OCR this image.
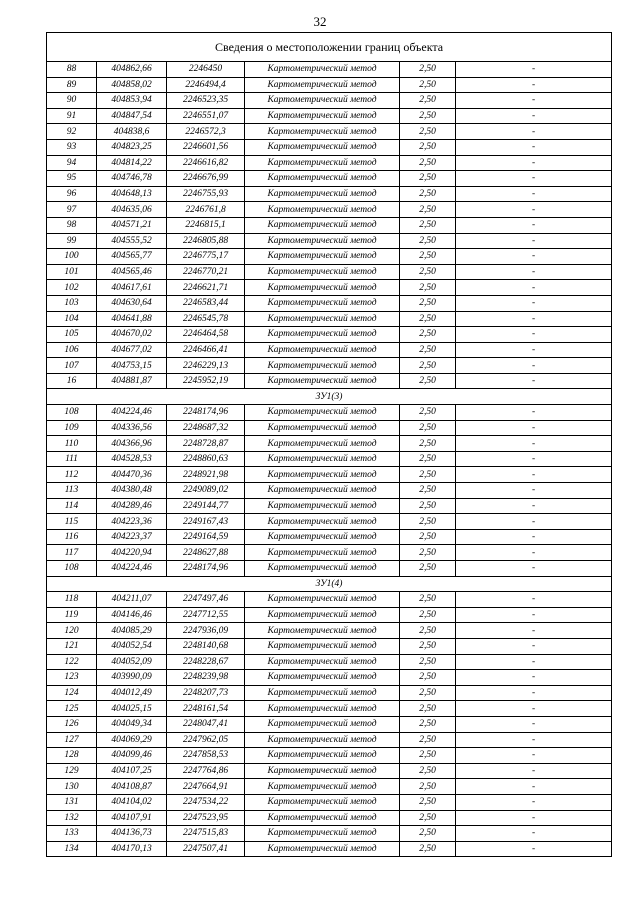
32
Сведения о местоположении границ объекта					
88	404862,66	2246450	Картометрический метод	2,50	-
89	404858,02	2246494,4	Картометрический метод	2,50	-
90	404853,94	2246523,35	Картометрический метод	2,50	-
91	404847,54	2246551,07	Картометрический метод	2,50	-
92	404838,6	2246572,3	Картометрический метод	2,50	-
93	404823,25	2246601,56	Картометрический метод	2,50	-
94	404814,22	2246616,82	Картометрический метод	2,50	-
95	404746,78	2246676,99	Картометрический метод	2,50	-
96	404648,13	2246755,93	Картометрический метод	2,50	-
97	404635,06	2246761,8	Картометрический метод	2,50	-
98	404571,21	2246815,1	Картометрический метод	2,50	-
99	404555,52	2246805,88	Картометрический метод	2,50	-
100	404565,77	2246775,17	Картометрический метод	2,50	-
101	404565,46	2246770,21	Картометрический метод	2,50	-
102	404617,61	2246621,71	Картометрический метод	2,50	-
103	404630,64	2246583,44	Картометрический метод	2,50	-
104	404641,88	2246545,78	Картометрический метод	2,50	-
105	404670,02	2246464,58	Картометрический метод	2,50	-
106	404677,02	2246466,41	Картометрический метод	2,50	-
107	404753,15	2246229,13	Картометрический метод	2,50	-
16	404881,87	2245952,19	Картометрический метод	2,50	-
ЗУ1(3)					
108	404224,46	2248174,96	Картометрический метод	2,50	-
109	404336,56	2248687,32	Картометрический метод	2,50	-
110	404366,96	2248728,87	Картометрический метод	2,50	-
111	404528,53	2248860,63	Картометрический метод	2,50	-
112	404470,36	2248921,98	Картометрический метод	2,50	-
113	404380,48	2249089,02	Картометрический метод	2,50	-
114	404289,46	2249144,77	Картометрический метод	2,50	-
115	404223,36	2249167,43	Картометрический метод	2,50	-
116	404223,37	2249164,59	Картометрический метод	2,50	-
117	404220,94	2248627,88	Картометрический метод	2,50	-
108	404224,46	2248174,96	Картометрический метод	2,50	-
ЗУ1(4)					
118	404211,07	2247497,46	Картометрический метод	2,50	-
119	404146,46	2247712,55	Картометрический метод	2,50	-
120	404085,29	2247936,09	Картометрический метод	2,50	-
121	404052,54	2248140,68	Картометрический метод	2,50	-
122	404052,09	2248228,67	Картометрический метод	2,50	-
123	403990,09	2248239,98	Картометрический метод	2,50	-
124	404012,49	2248207,73	Картометрический метод	2,50	-
125	404025,15	2248161,54	Картометрический метод	2,50	-
126	404049,34	2248047,41	Картометрический метод	2,50	-
127	404069,29	2247962,05	Картометрический метод	2,50	-
128	404099,46	2247858,53	Картометрический метод	2,50	-
129	404107,25	2247764,86	Картометрический метод	2,50	-
130	404108,87	2247664,91	Картометрический метод	2,50	-
131	404104,02	2247534,22	Картометрический метод	2,50	-
132	404107,91	2247523,95	Картометрический метод	2,50	-
133	404136,73	2247515,83	Картометрический метод	2,50	-
134	404170,13	2247507,41	Картометрический метод	2,50	-
